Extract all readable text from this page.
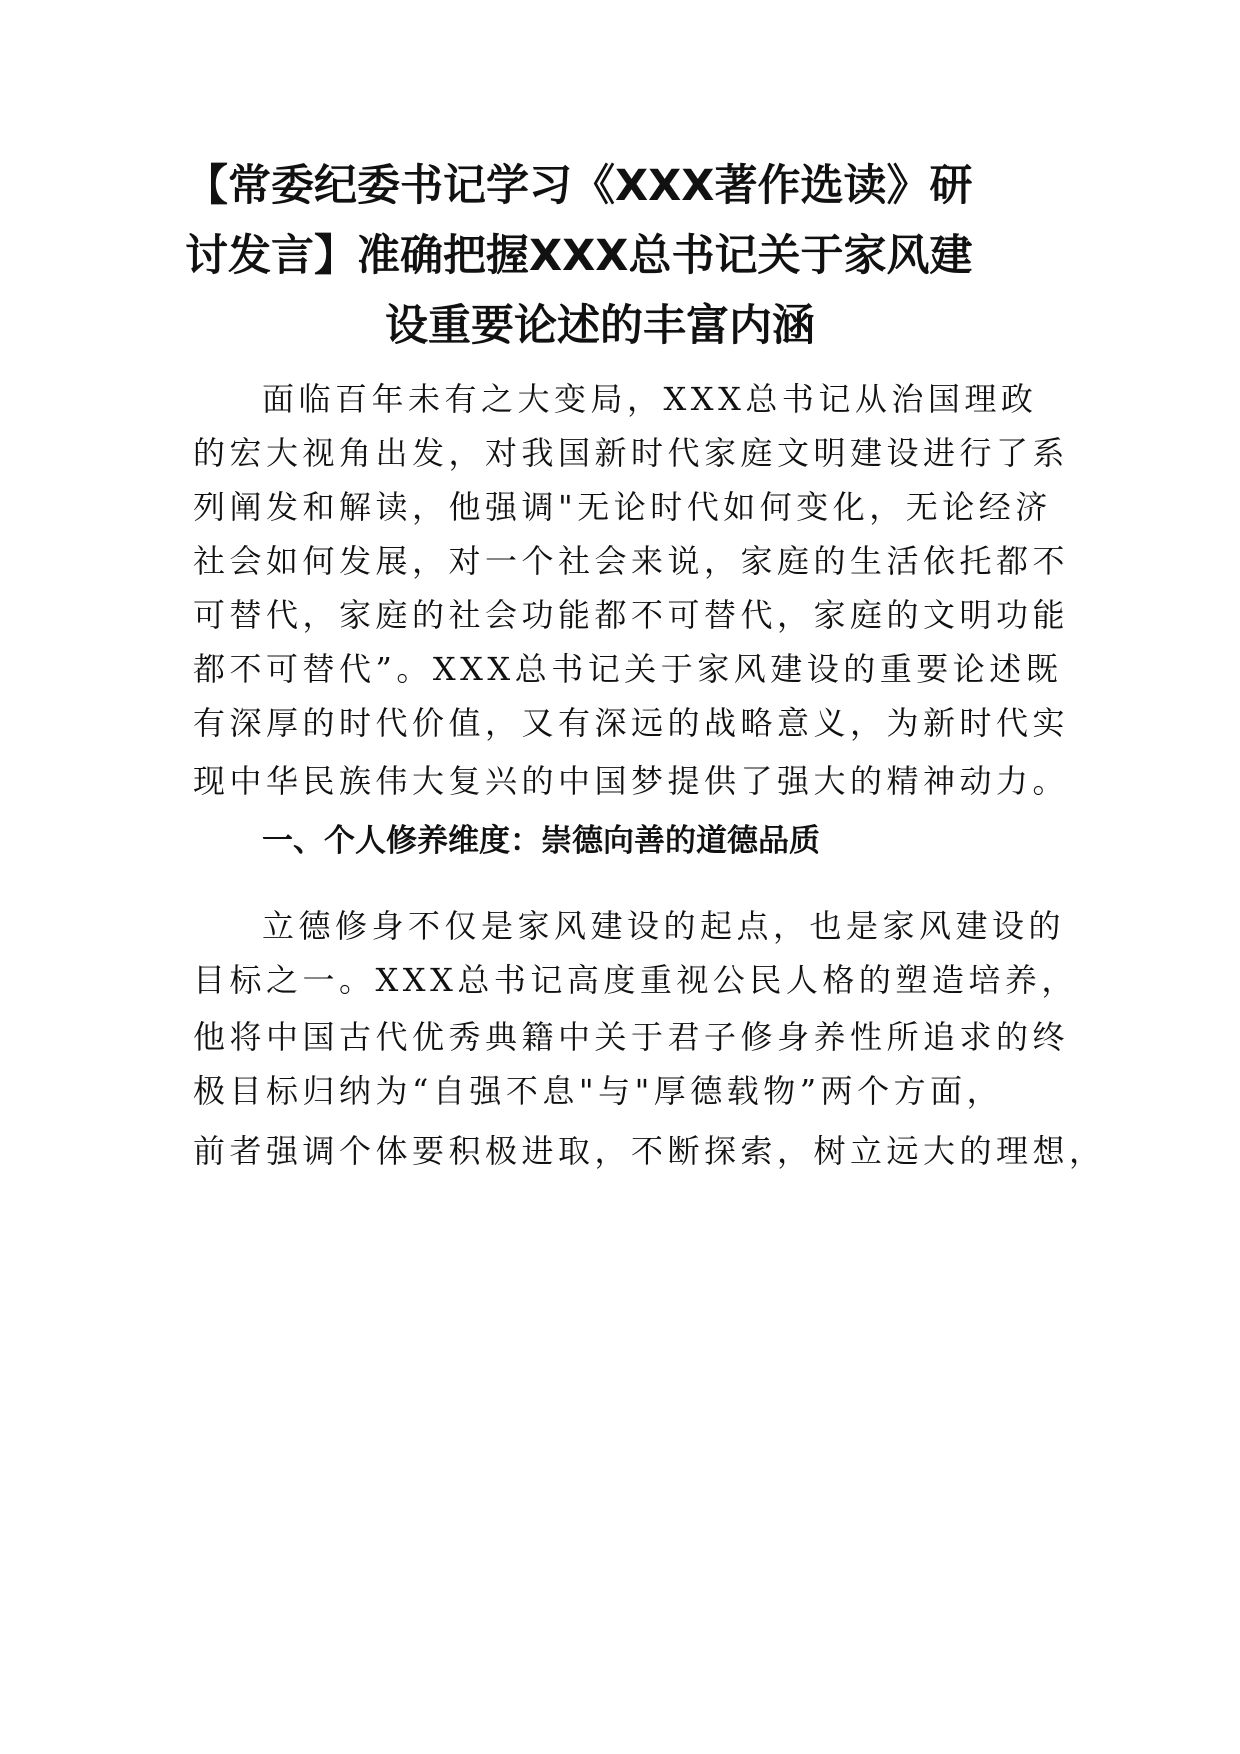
【常委纪委书记学习《XXX著作选读》研
讨发言】准确把握XXX总书记关于家风建
设重要论述的丰富内涵
面临百年未有之大变局，XXX总书记从治国理政
的宏大视角出发，对我国新时代家庭文明建设进行了系
列阐发和解读，他强调"无论时代如何变化，无论经济
社会如何发展，对一个社会来说，家庭的生活依托都不
可替代，家庭的社会功能都不可替代，家庭的文明功能
都不可替代”。XXX总书记关于家风建设的重要论述既
有深厚的时代价值，又有深远的战略意义，为新时代实
现中华民族伟大复兴的中国梦提供了强大的精神动力。
一、个人修养维度：崇德向善的道德品质
立德修身不仅是家风建设的起点，也是家风建设的
目标之一。XXX总书记高度重视公民人格的塑造培养，
他将中国古代优秀典籍中关于君子修身养性所追求的终
极目标归纳为“自强不息"与"厚德载物”两个方面，
前者强调个体要积极进取，不断探索，树立远大的理想，
